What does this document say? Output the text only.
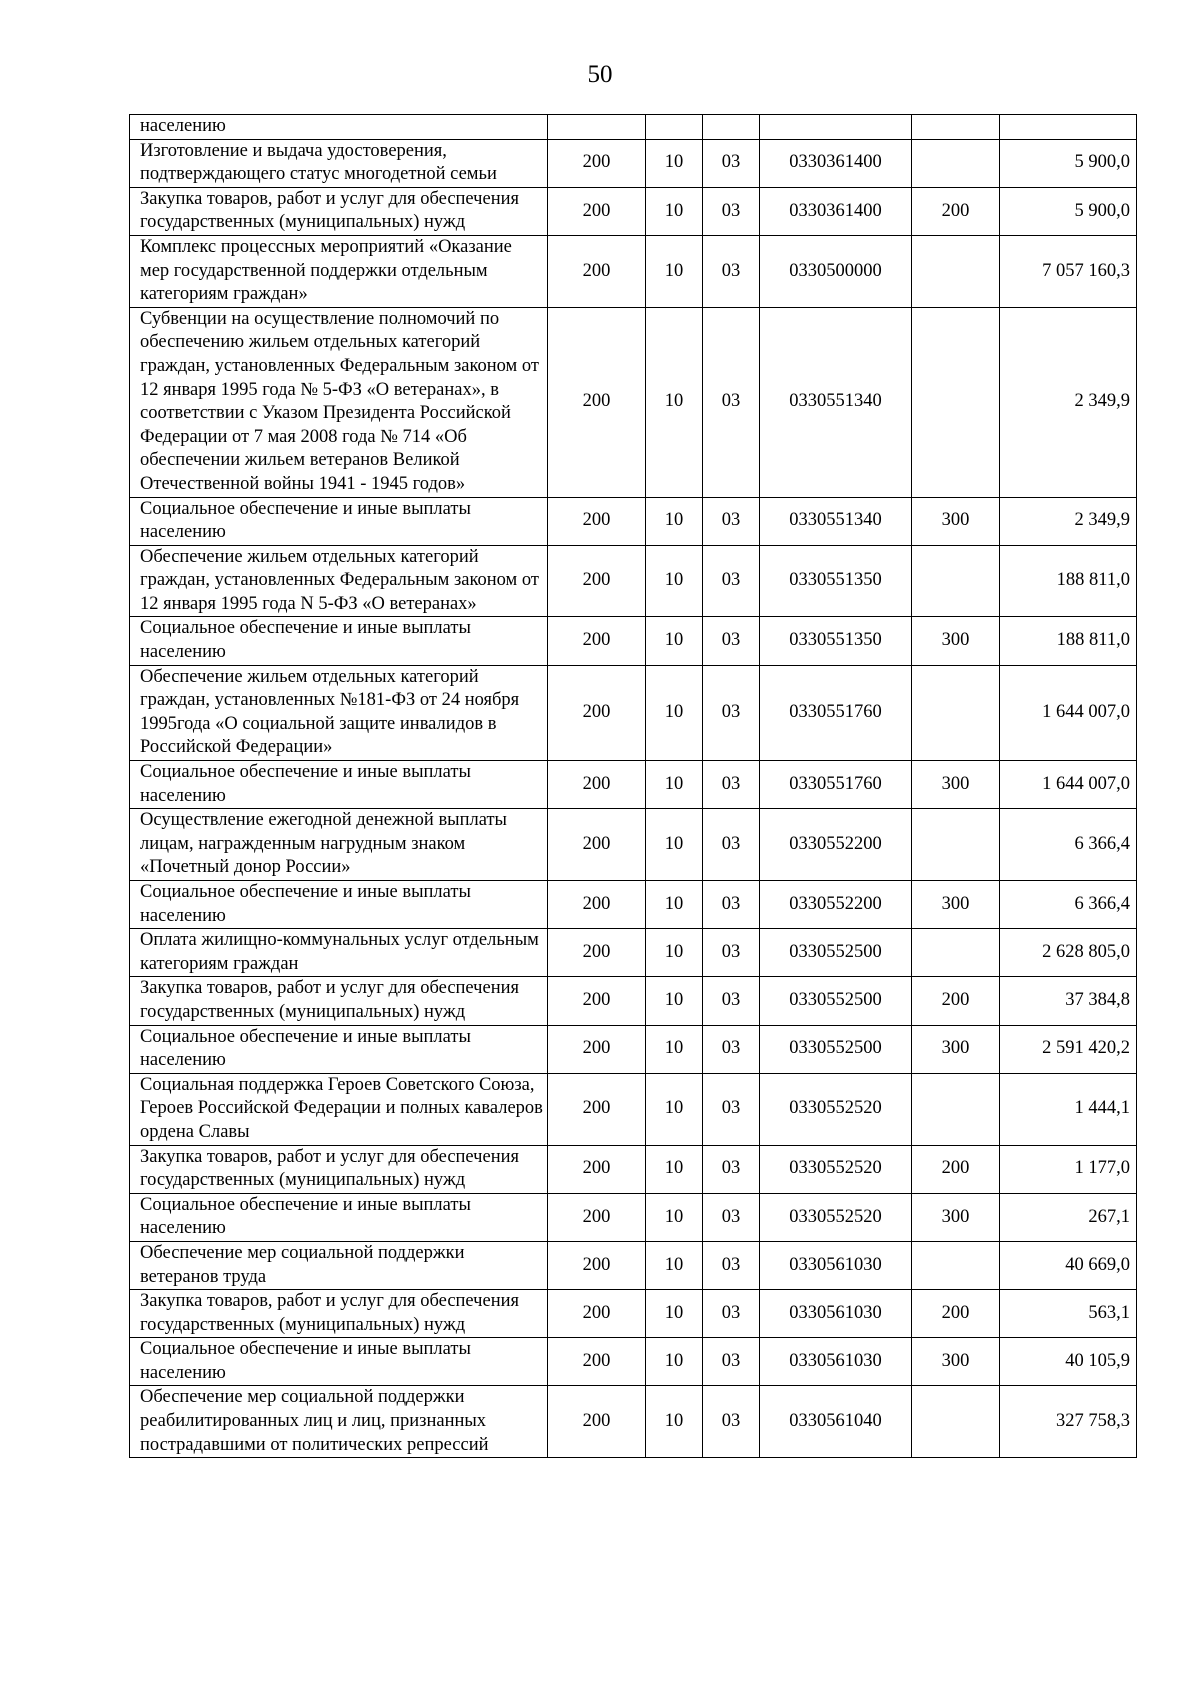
50
населению						
Изготовление и выдача удостоверения, подтверждающего статус многодетной семьи	200	10	03	0330361400		5 900,0
Закупка товаров, работ и услуг для обеспечения государственных (муниципальных) нужд	200	10	03	0330361400	200	5 900,0
Комплекс процессных мероприятий «Оказание мер государственной поддержки отдельным категориям граждан»	200	10	03	0330500000		7 057 160,3
Субвенции на осуществление полномочий по обеспечению жильем отдельных категорий граждан, установленных Федеральным законом от 12 января 1995 года № 5-ФЗ «О ветеранах», в соответствии с Указом Президента Российской Федерации от 7 мая 2008 года № 714 «Об обеспечении жильем ветеранов Великой Отечественной войны 1941 - 1945 годов»	200	10	03	0330551340		2 349,9
Социальное обеспечение и иные выплаты населению	200	10	03	0330551340	300	2 349,9
Обеспечение жильем отдельных категорий граждан, установленных Федеральным законом от 12 января 1995 года N 5-ФЗ «О ветеранах»	200	10	03	0330551350		188 811,0
Социальное обеспечение и иные выплаты населению	200	10	03	0330551350	300	188 811,0
Обеспечение жильем отдельных категорий граждан, установленных №181-ФЗ от 24 ноября 1995года «О социальной защите инвалидов в Российской Федерации»	200	10	03	0330551760		1 644 007,0
Социальное обеспечение и иные выплаты населению	200	10	03	0330551760	300	1 644 007,0
Осуществление ежегодной денежной выплаты лицам, награжденным нагрудным знаком «Почетный донор России»	200	10	03	0330552200		6 366,4
Социальное обеспечение и иные выплаты населению	200	10	03	0330552200	300	6 366,4
Оплата жилищно-коммунальных услуг отдельным категориям граждан	200	10	03	0330552500		2 628 805,0
Закупка товаров, работ и услуг для обеспечения государственных (муниципальных) нужд	200	10	03	0330552500	200	37 384,8
Социальное обеспечение и иные выплаты населению	200	10	03	0330552500	300	2 591 420,2
Социальная поддержка Героев Советского Союза, Героев Российской Федерации и полных кавалеров ордена Славы	200	10	03	0330552520		1 444,1
Закупка товаров, работ и услуг для обеспечения государственных (муниципальных) нужд	200	10	03	0330552520	200	1 177,0
Социальное обеспечение и иные выплаты населению	200	10	03	0330552520	300	267,1
Обеспечение мер социальной поддержки ветеранов труда	200	10	03	0330561030		40 669,0
Закупка товаров, работ и услуг для обеспечения государственных (муниципальных) нужд	200	10	03	0330561030	200	563,1
Социальное обеспечение и иные выплаты населению	200	10	03	0330561030	300	40 105,9
Обеспечение мер социальной поддержки реабилитированных лиц и лиц, признанных пострадавшими от политических репрессий	200	10	03	0330561040		327 758,3
